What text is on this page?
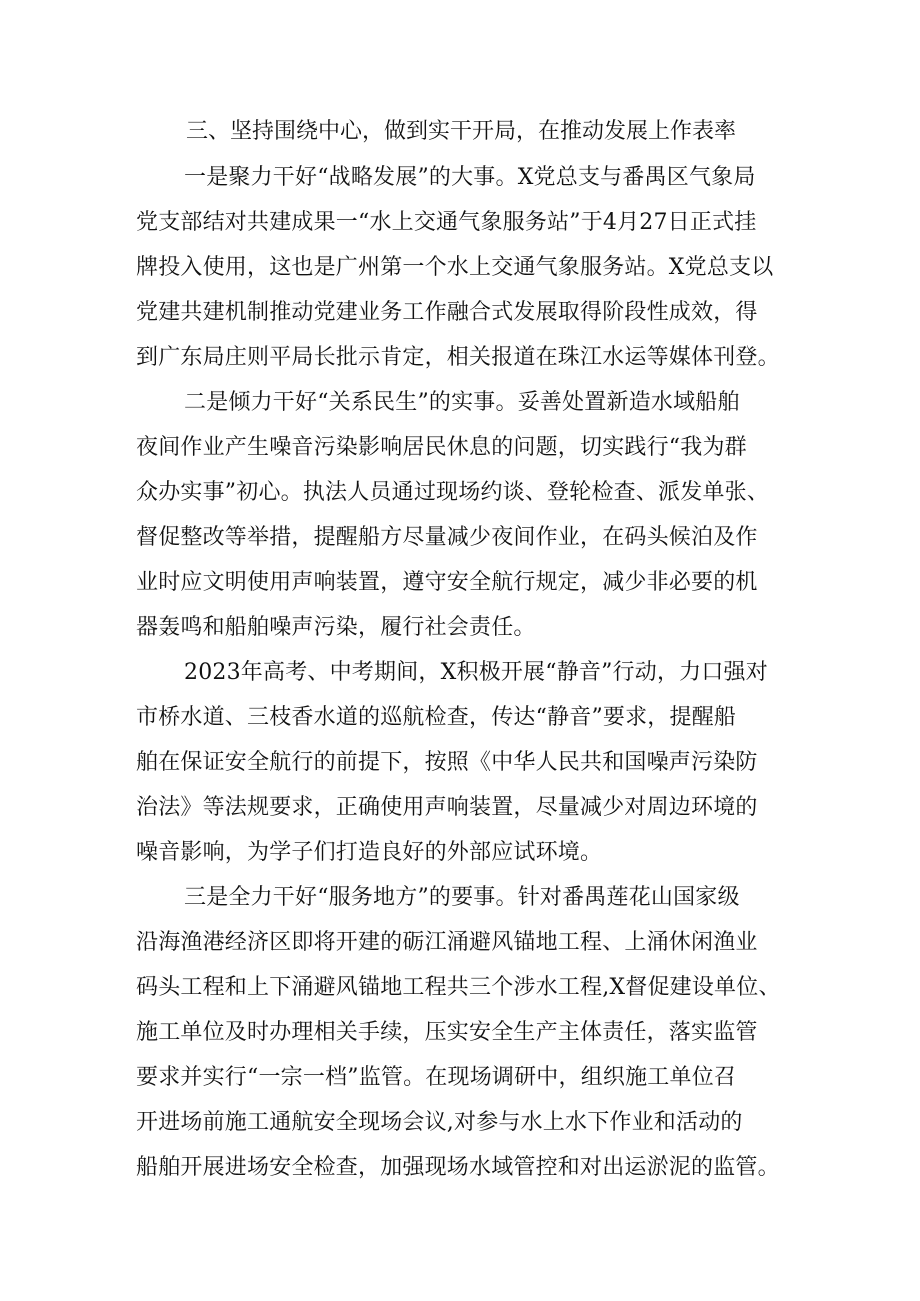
三、坚持围绕中心，做到实干开局，在推动发展上作表率
一是聚力干好“战略发展”的大事。X党总支与番禺区气象局
党支部结对共建成果一“水上交通气象服务站”于4月27日正式挂
牌投入使用，这也是广州第一个水上交通气象服务站。X党总支以
党建共建机制推动党建业务工作融合式发展取得阶段性成效，得
到广东局庄则平局长批示肯定，相关报道在珠江水运等媒体刊登。
二是倾力干好“关系民生”的实事。妥善处置新造水域船舶
夜间作业产生噪音污染影响居民休息的问题，切实践行“我为群
众办实事”初心。执法人员通过现场约谈、登轮检查、派发单张、
督促整改等举措，提醒船方尽量减少夜间作业，在码头候泊及作
业时应文明使用声响装置，遵守安全航行规定，减少非必要的机
器轰鸣和船舶噪声污染，履行社会责任。
2023年高考、中考期间，X积极开展“静音”行动，力口强对
市桥水道、三枝香水道的巡航检查，传达“静音”要求，提醒船
舶在保证安全航行的前提下，按照《中华人民共和国噪声污染防
治法》等法规要求，正确使用声响装置，尽量减少对周边环境的
噪音影响，为学子们打造良好的外部应试环境。
三是全力干好“服务地方”的要事。针对番禺莲花山国家级
沿海渔港经济区即将开建的砺江涌避风锚地工程、上涌休闲渔业
码头工程和上下涌避风锚地工程共三个涉水工程,X督促建设单位、
施工单位及时办理相关手续，压实安全生产主体责任，落实监管
要求并实行“一宗一档”监管。在现场调研中，组织施工单位召
开进场前施工通航安全现场会议,对参与水上水下作业和活动的
船舶开展进场安全检查，加强现场水域管控和对出运淤泥的监管。
